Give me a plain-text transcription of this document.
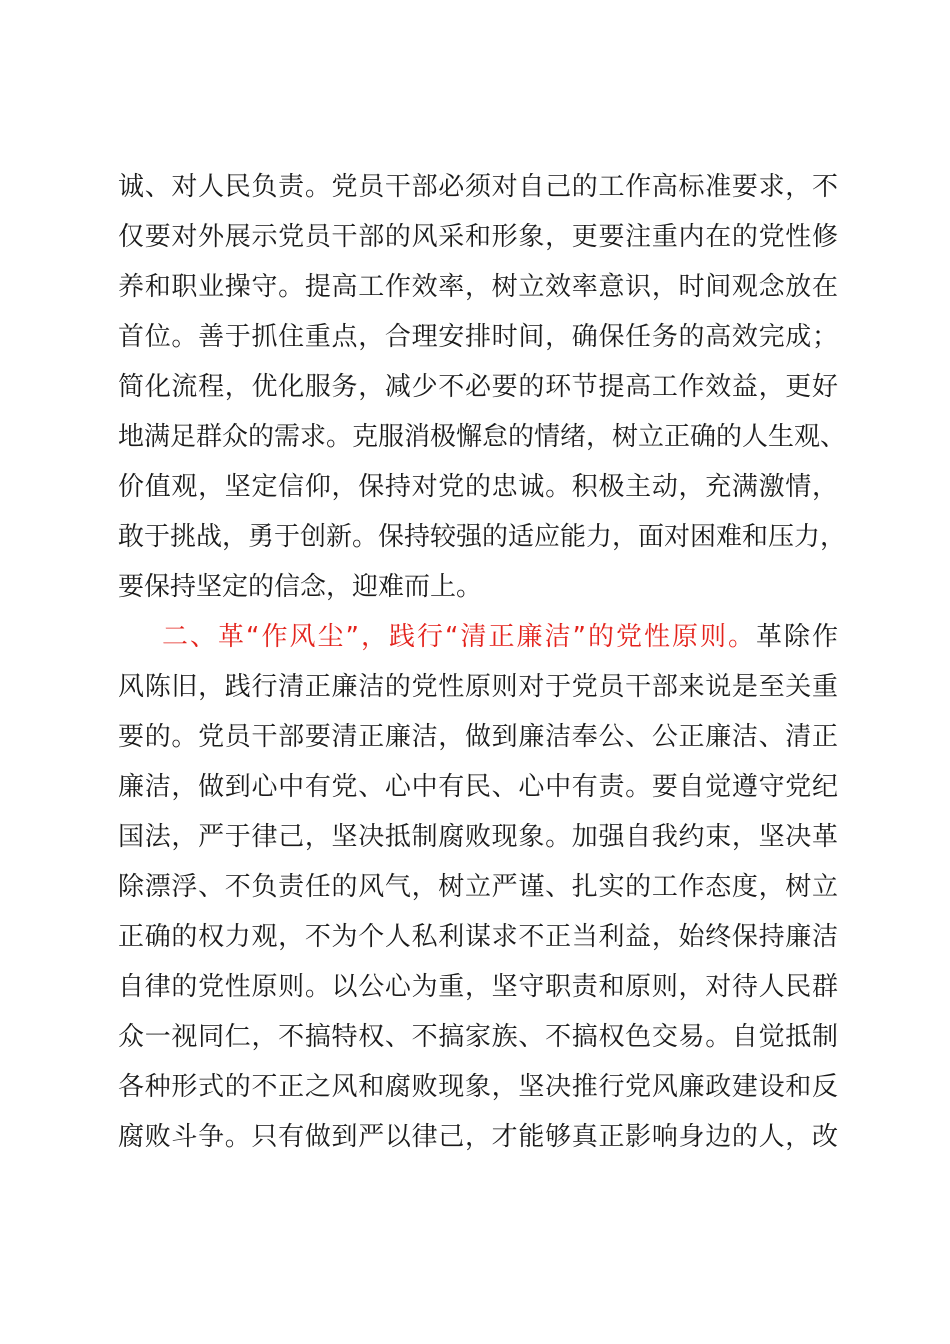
诚、对人民负责。党员干部必须对自己的工作高标准要求，不
仅要对外展示党员干部的风采和形象，更要注重内在的党性修
养和职业操守。提高工作效率，树立效率意识，时间观念放在
首位。善于抓住重点，合理安排时间，确保任务的高效完成；
简化流程，优化服务，减少不必要的环节提高工作效益，更好
地满足群众的需求。克服消极懈怠的情绪，树立正确的人生观、
价值观，坚定信仰，保持对党的忠诚。积极主动，充满激情，
敢于挑战，勇于创新。保持较强的适应能力，面对困难和压力，
要保持坚定的信念，迎难而上。
二、革“作风尘”，践行“清正廉洁”的党性原则。革除作
风陈旧，践行清正廉洁的党性原则对于党员干部来说是至关重
要的。党员干部要清正廉洁，做到廉洁奉公、公正廉洁、清正
廉洁，做到心中有党、心中有民、心中有责。要自觉遵守党纪
国法，严于律己，坚决抵制腐败现象。加强自我约束，坚决革
除漂浮、不负责任的风气，树立严谨、扎实的工作态度，树立
正确的权力观，不为个人私利谋求不正当利益，始终保持廉洁
自律的党性原则。以公心为重，坚守职责和原则，对待人民群
众一视同仁，不搞特权、不搞家族、不搞权色交易。自觉抵制
各种形式的不正之风和腐败现象，坚决推行党风廉政建设和反
腐败斗争。只有做到严以律己，才能够真正影响身边的人，改
